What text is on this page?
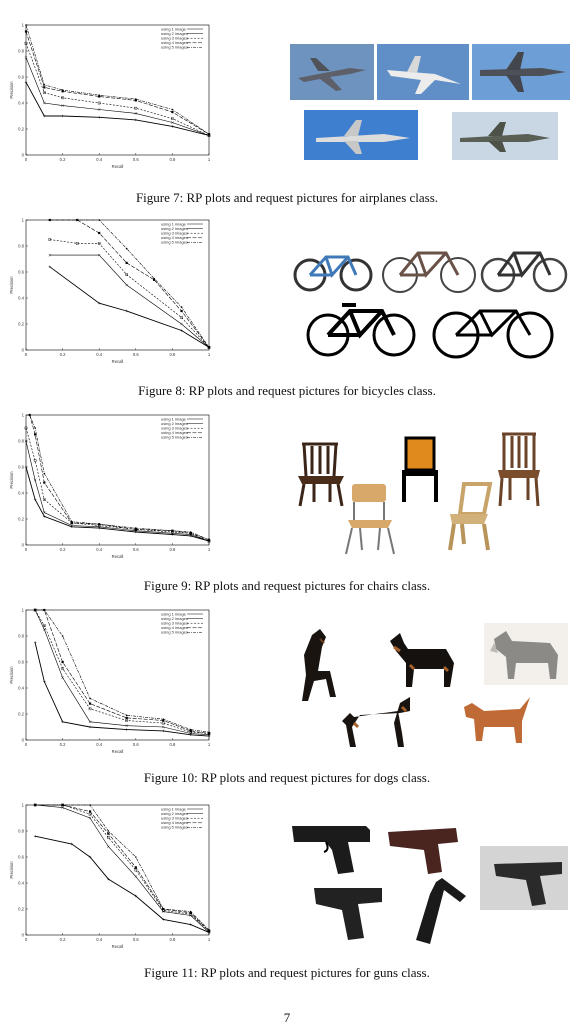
0
0
0.2
0.2
0.4
0.4
0.6
0.6
0.8
0.8
1
1
Recall
Precision
using 1 image
using 2 images
using 3 images
using 4 images
using 5 images
Figure 7: RP plots and request pictures for airplanes class.
0
0
0.2
0.2
0.4
0.4
0.6
0.6
0.8
0.8
1
1
Recall
Precision
using 1 image
using 2 images
using 3 images
using 4 images
using 5 images
Figure 8: RP plots and request pictures for bicycles class.
0
0
0.2
0.2
0.4
0.4
0.6
0.6
0.8
0.8
1
1
Recall
Precision
using 1 image
using 2 images
using 3 images
using 4 images
using 5 images
Figure 9: RP plots and request pictures for chairs class.
0
0
0.2
0.2
0.4
0.4
0.6
0.6
0.8
0.8
1
1
Recall
Precision
using 1 image
using 2 images
using 3 images
using 4 images
using 5 images
Figure 10: RP plots and request pictures for dogs class.
0
0
0.2
0.2
0.4
0.4
0.6
0.6
0.8
0.8
1
1
Recall
Precision
using 1 image
using 2 images
using 3 images
using 4 images
using 5 images
Figure 11: RP plots and request pictures for guns class.
7
